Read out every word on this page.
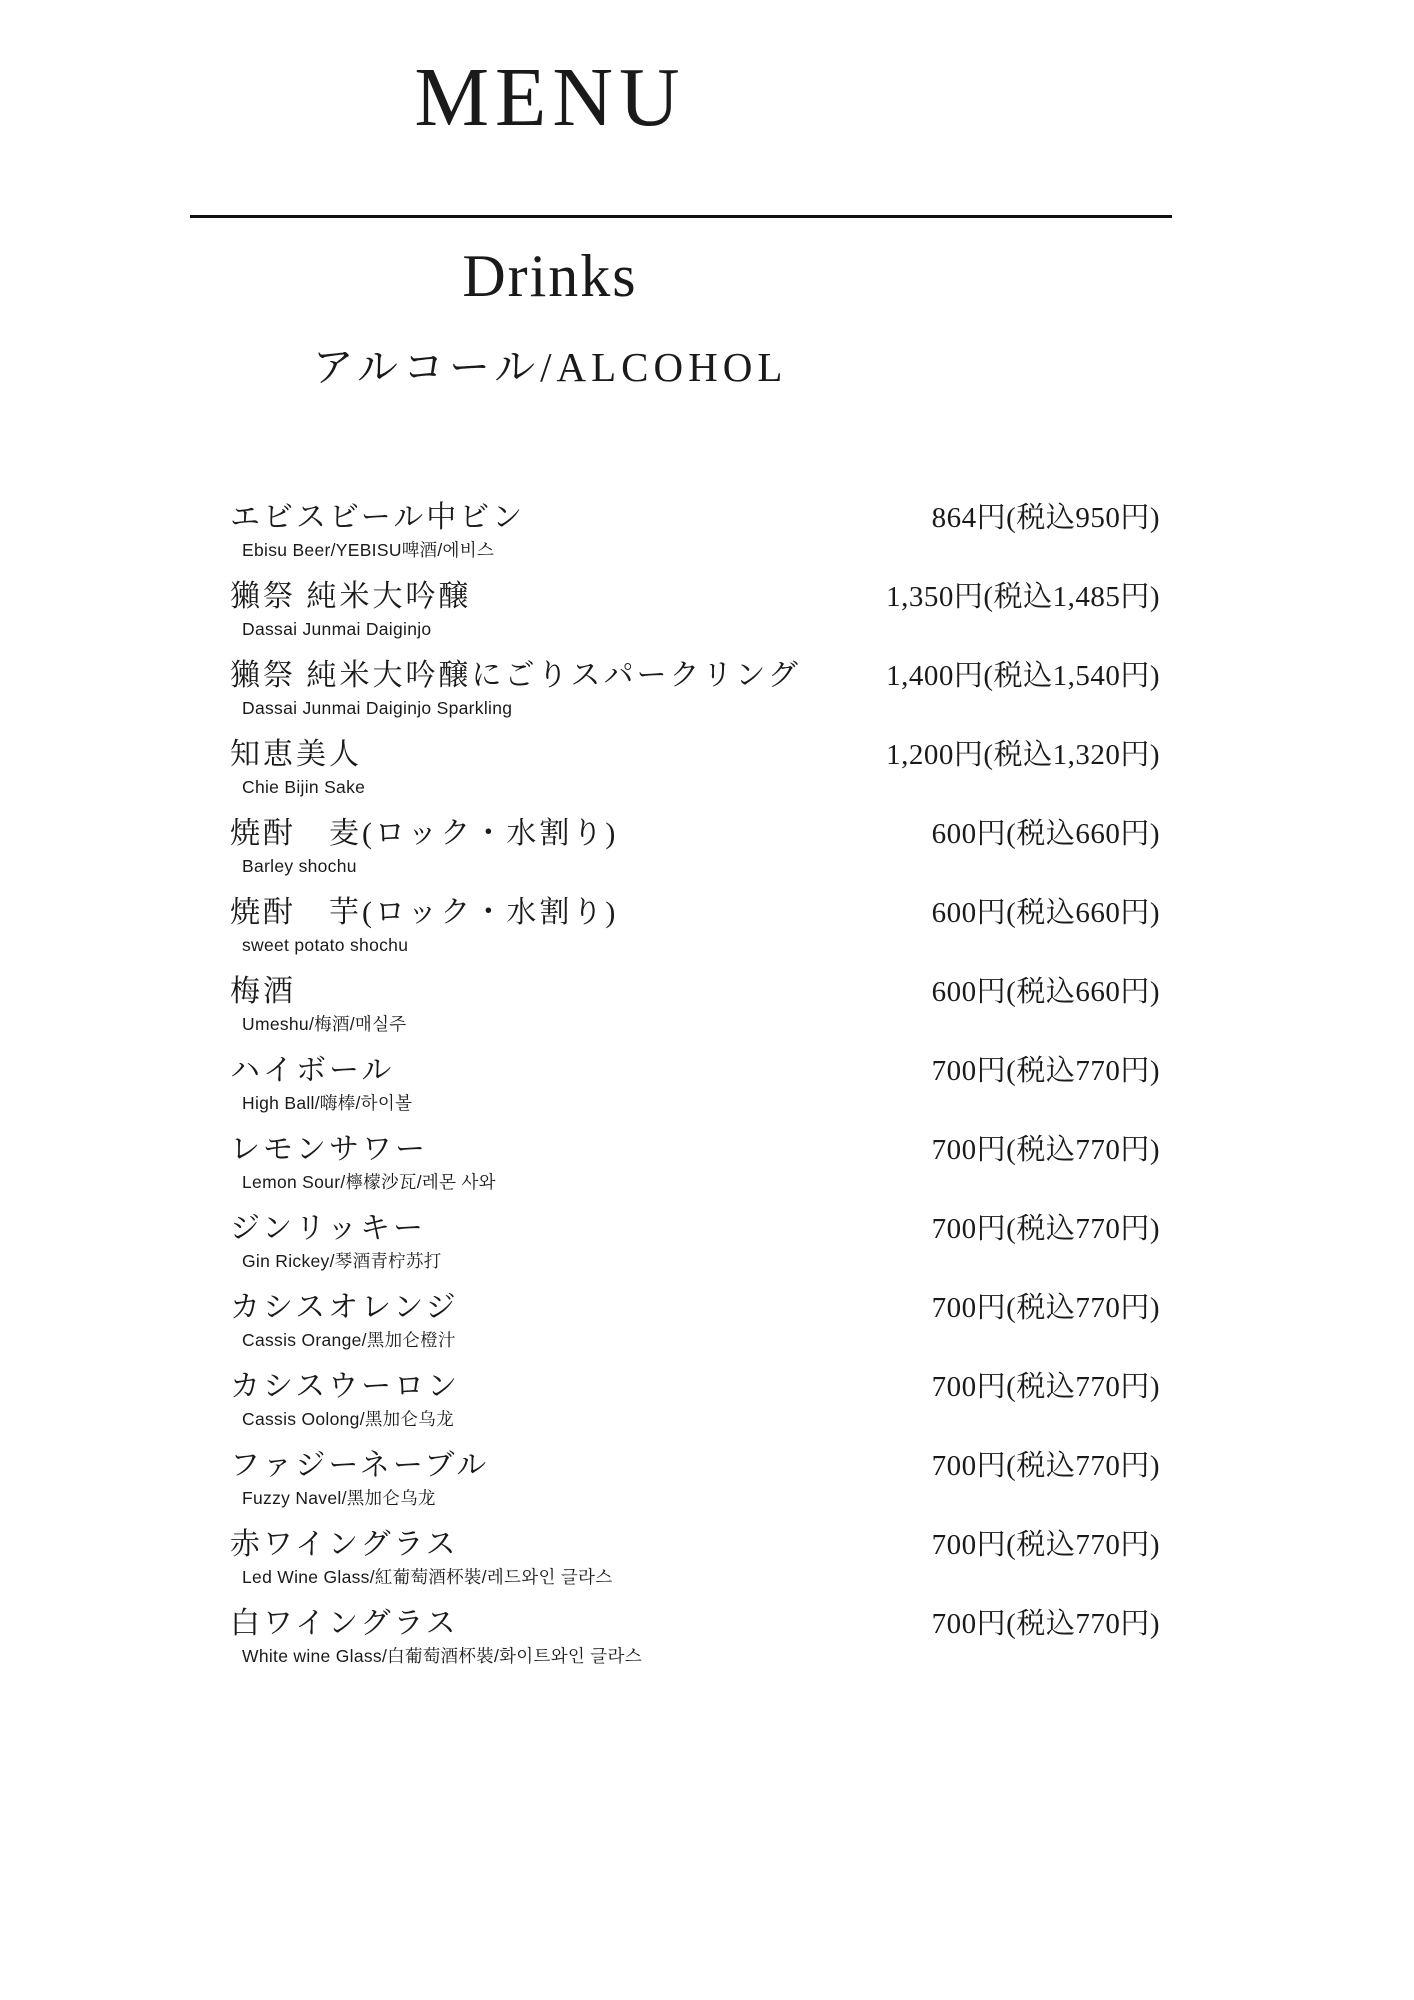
MENU
Drinks
アルコール/ALCOHOL
エビスビール中ビン	864円(税込950円)
Ebisu Beer/YEBISU啤酒/에비스
獺祭 純米大吟醸	1,350円(税込1,485円)
Dassai Junmai Daiginjo
獺祭 純米大吟醸にごりスパークリング	1,400円(税込1,540円)
Dassai Junmai Daiginjo Sparkling
知恵美人	1,200円(税込1,320円)
Chie Bijin Sake
焼酎　麦(ロック・水割り)	600円(税込660円)
Barley shochu
焼酎　芋(ロック・水割り)	600円(税込660円)
sweet potato shochu
梅酒	600円(税込660円)
Umeshu/梅酒/매실주
ハイボール	700円(税込770円)
High Ball/嗨棒/하이볼
レモンサワー	700円(税込770円)
Lemon Sour/檸檬沙瓦/레몬 사와
ジンリッキー	700円(税込770円)
Gin Rickey/琴酒青柠苏打
カシスオレンジ	700円(税込770円)
Cassis Orange/黑加仑橙汁
カシスウーロン	700円(税込770円)
Cassis Oolong/黑加仑乌龙
ファジーネーブル	700円(税込770円)
Fuzzy Navel/黑加仑乌龙
赤ワイングラス	700円(税込770円)
Led Wine Glass/紅葡萄酒杯裝/레드와인 글라스
白ワイングラス	700円(税込770円)
White wine Glass/白葡萄酒杯裝/화이트와인 글라스
